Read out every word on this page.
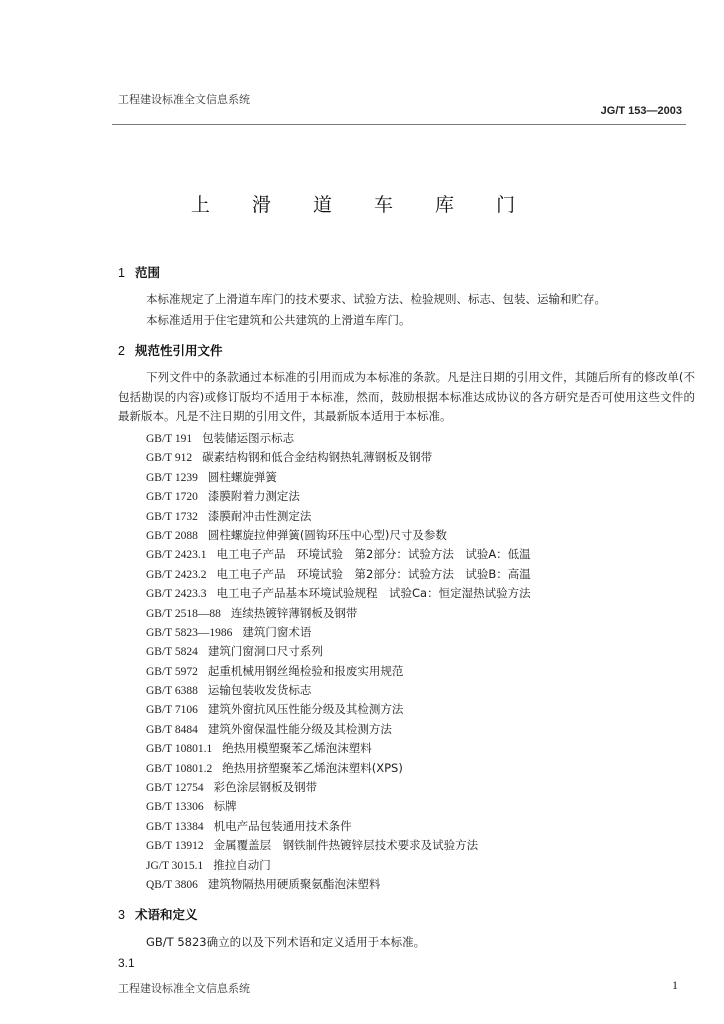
工程建设标准全文信息系统
JG/T 153—2003
上 滑 道 车 库 门
1 范围
本标准规定了上滑道车库门的技术要求、试验方法、检验规则、标志、包装、运输和贮存。
本标准适用于住宅建筑和公共建筑的上滑道车库门。
2 规范性引用文件
下列文件中的条款通过本标准的引用而成为本标准的条款。凡是注日期的引用文件，其随后所有的修改单(不包括勘误的内容)或修订版均不适用于本标准，然而，鼓励根据本标准达成协议的各方研究是否可使用这些文件的最新版本。凡是不注日期的引用文件，其最新版本适用于本标准。
GB/T 191 包装储运图示标志
GB/T 912 碳素结构钢和低合金结构钢热轧薄钢板及钢带
GB/T 1239 圆柱螺旋弹簧
GB/T 1720 漆膜附着力测定法
GB/T 1732 漆膜耐冲击性测定法
GB/T 2088 圆柱螺旋拉伸弹簧(圆钩环压中心型)尺寸及参数
GB/T 2423.1 电工电子产品　环境试验　第2部分：试验方法　试验A：低温
GB/T 2423.2 电工电子产品　环境试验　第2部分：试验方法　试验B：高温
GB/T 2423.3 电工电子产品基本环境试验规程　试验Ca：恒定湿热试验方法
GB/T 2518—88 连续热镀锌薄钢板及钢带
GB/T 5823—1986 建筑门窗术语
GB/T 5824 建筑门窗洞口尺寸系列
GB/T 5972 起重机械用钢丝绳检验和报废实用规范
GB/T 6388 运输包装收发货标志
GB/T 7106 建筑外窗抗风压性能分级及其检测方法
GB/T 8484 建筑外窗保温性能分级及其检测方法
GB/T 10801.1 绝热用模塑聚苯乙烯泡沫塑料
GB/T 10801.2 绝热用挤塑聚苯乙烯泡沫塑料(XPS)
GB/T 12754 彩色涂层钢板及钢带
GB/T 13306 标牌
GB/T 13384 机电产品包装通用技术条件
GB/T 13912 金属覆盖层　钢铁制件热镀锌层技术要求及试验方法
JG/T 3015.1 推拉自动门
QB/T 3806 建筑物隔热用硬质聚氨酯泡沫塑料
3 术语和定义
GB/T 5823确立的以及下列术语和定义适用于本标准。
3.1
工程建设标准全文信息系统	1
